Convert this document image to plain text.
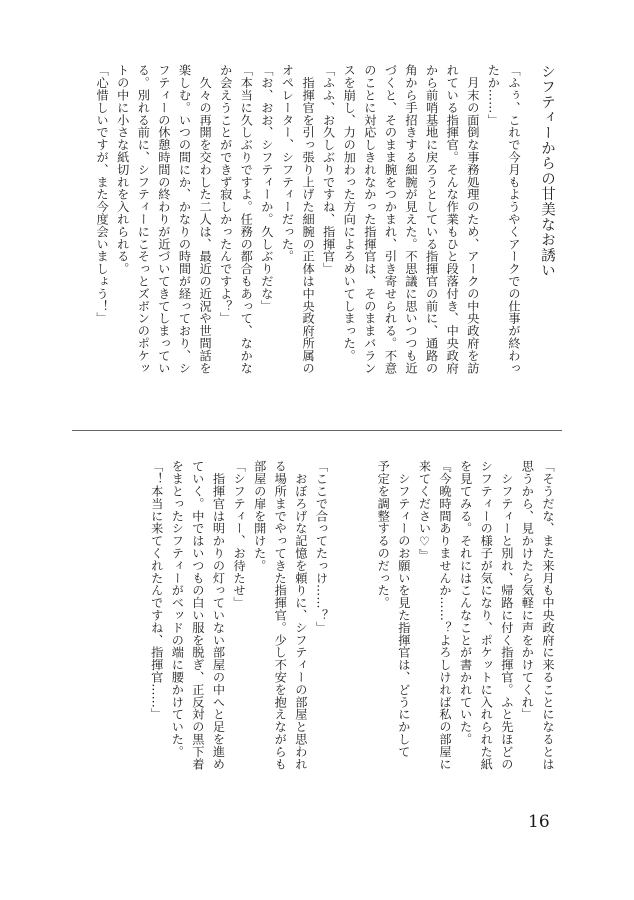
シフティーからの甘美なお誘い

「ふぅ、これで今月もようやくアークでの仕事が終わっ

たか……」

　月末の面倒な事務処理のため、アークの中央政府を訪

れている指揮官。そんな作業もひと段落付き、中央政府

から前哨基地に戻ろうとしている指揮官の前に、通路の

角から手招きする細腕が見えた。不思議に思いつつも近

づくと、そのまま腕をつかまれ、引き寄せられる。不意

のことに対応しきれなかった指揮官は、そのままバラン

スを崩し、力の加わった方向によろめいてしまった。

「ふふ、お久しぶりですね、指揮官」

　指揮官を引っ張り上げた細腕の正体は中央政府所属の

オペレーター、シフティーだった。

「お、おお、シフティーか。久しぶりだな」

「本当に久しぶりですよ。任務の都合もあって、なかな

か会えうことができず寂しかったんですよ？」

　久々の再開を交わした二人は、最近の近況や世間話を

楽しむ。いつの間にか、かなりの時間が経っており、シ

フティーの休憩時間の終わりが近づいてきてしまってい

る。別れる前に、シフティーにこそっとズボンのポケッ

トの中に小さな紙切れを入れられる。

「心惜しいですが、また今度会いましょう！」

「そうだな、また来月も中央政府に来ることになるとは

思うから、見かけたら気軽に声をかけてくれ」

　シフティーと別れ、帰路に付く指揮官。ふと先ほどの

シフティーの様子が気になり、ポケットに入れられた紙

を見てみる。それにはこんなことが書かれていた。

『今晩時間ありませんか……？よろしければ私の部屋に

来てください♡』

　シフティーのお願いを見た指揮官は、どうにかして

予定を調整するのだった。

「ここで合ってたっけ……？」

　おぼろげな記憶を頼りに、シフティーの部屋と思われ

る場所までやってきた指揮官。少し不安を抱えながらも

部屋の扉を開けた。

「シフティー、お待たせ」

　指揮官は明かりの灯っていない部屋の中へと足を進め

ていく。中ではいつもの白い服を脱ぎ、正反対の黒下着

をまとったシフティーがベッドの端に腰かけていた。

「！本当に来てくれたんですね、指揮官……」

16
